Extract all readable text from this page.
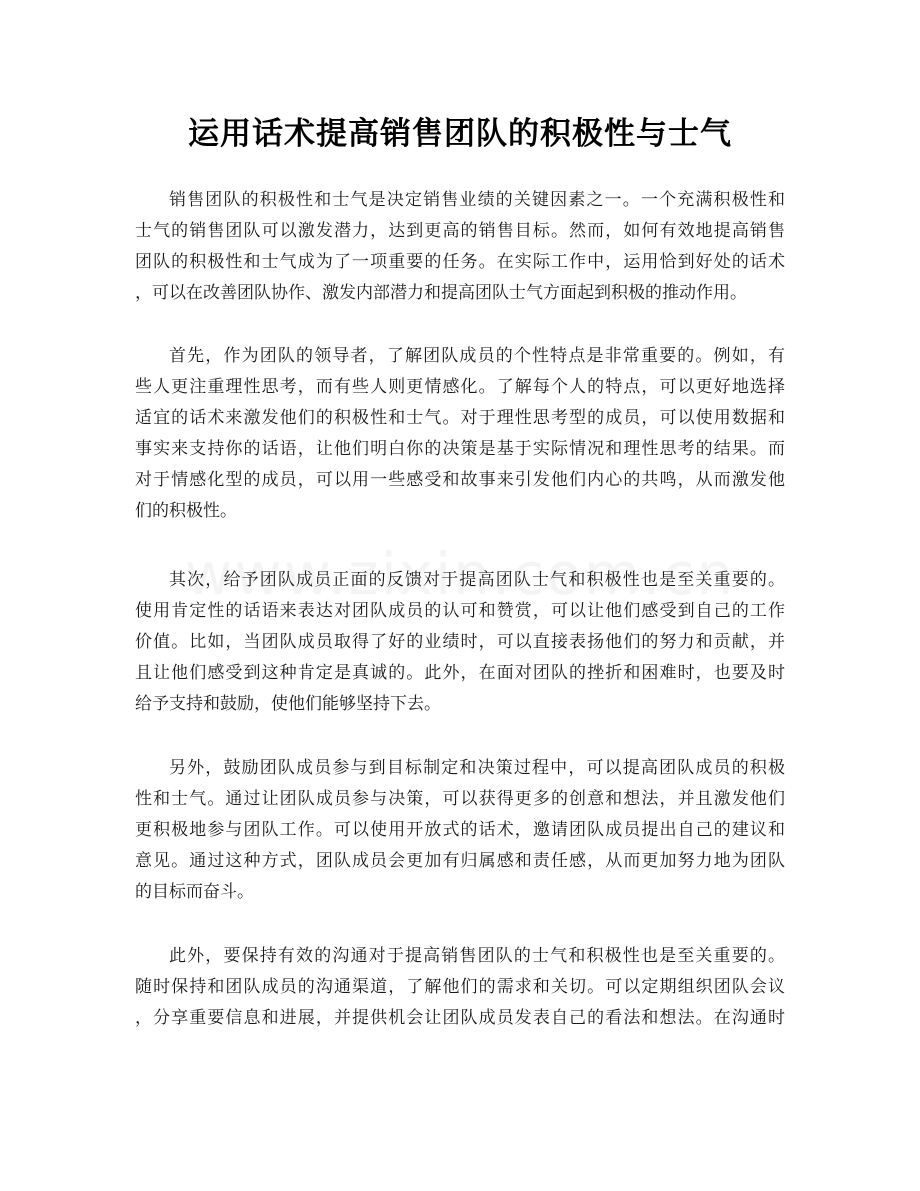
运用话术提高销售团队的积极性与士气
销售团队的积极性和士气是决定销售业绩的关键因素之一。一个充满积极性和
士气的销售团队可以激发潜力，达到更高的销售目标。然而，如何有效地提高销售
团队的积极性和士气成为了一项重要的任务。在实际工作中，运用恰到好处的话术
，可以在改善团队协作、激发内部潜力和提高团队士气方面起到积极的推动作用。
首先，作为团队的领导者，了解团队成员的个性特点是非常重要的。例如，有
些人更注重理性思考，而有些人则更情感化。了解每个人的特点，可以更好地选择
适宜的话术来激发他们的积极性和士气。对于理性思考型的成员，可以使用数据和
事实来支持你的话语，让他们明白你的决策是基于实际情况和理性思考的结果。而
对于情感化型的成员，可以用一些感受和故事来引发他们内心的共鸣，从而激发他
们的积极性。
其次，给予团队成员正面的反馈对于提高团队士气和积极性也是至关重要的。
使用肯定性的话语来表达对团队成员的认可和赞赏，可以让他们感受到自己的工作
价值。比如，当团队成员取得了好的业绩时，可以直接表扬他们的努力和贡献，并
且让他们感受到这种肯定是真诚的。此外，在面对团队的挫折和困难时，也要及时
给予支持和鼓励，使他们能够坚持下去。
另外，鼓励团队成员参与到目标制定和决策过程中，可以提高团队成员的积极
性和士气。通过让团队成员参与决策，可以获得更多的创意和想法，并且激发他们
更积极地参与团队工作。可以使用开放式的话术，邀请团队成员提出自己的建议和
意见。通过这种方式，团队成员会更加有归属感和责任感，从而更加努力地为团队
的目标而奋斗。
此外，要保持有效的沟通对于提高销售团队的士气和积极性也是至关重要的。
随时保持和团队成员的沟通渠道，了解他们的需求和关切。可以定期组织团队会议
，分享重要信息和进展，并提供机会让团队成员发表自己的看法和想法。在沟通时
